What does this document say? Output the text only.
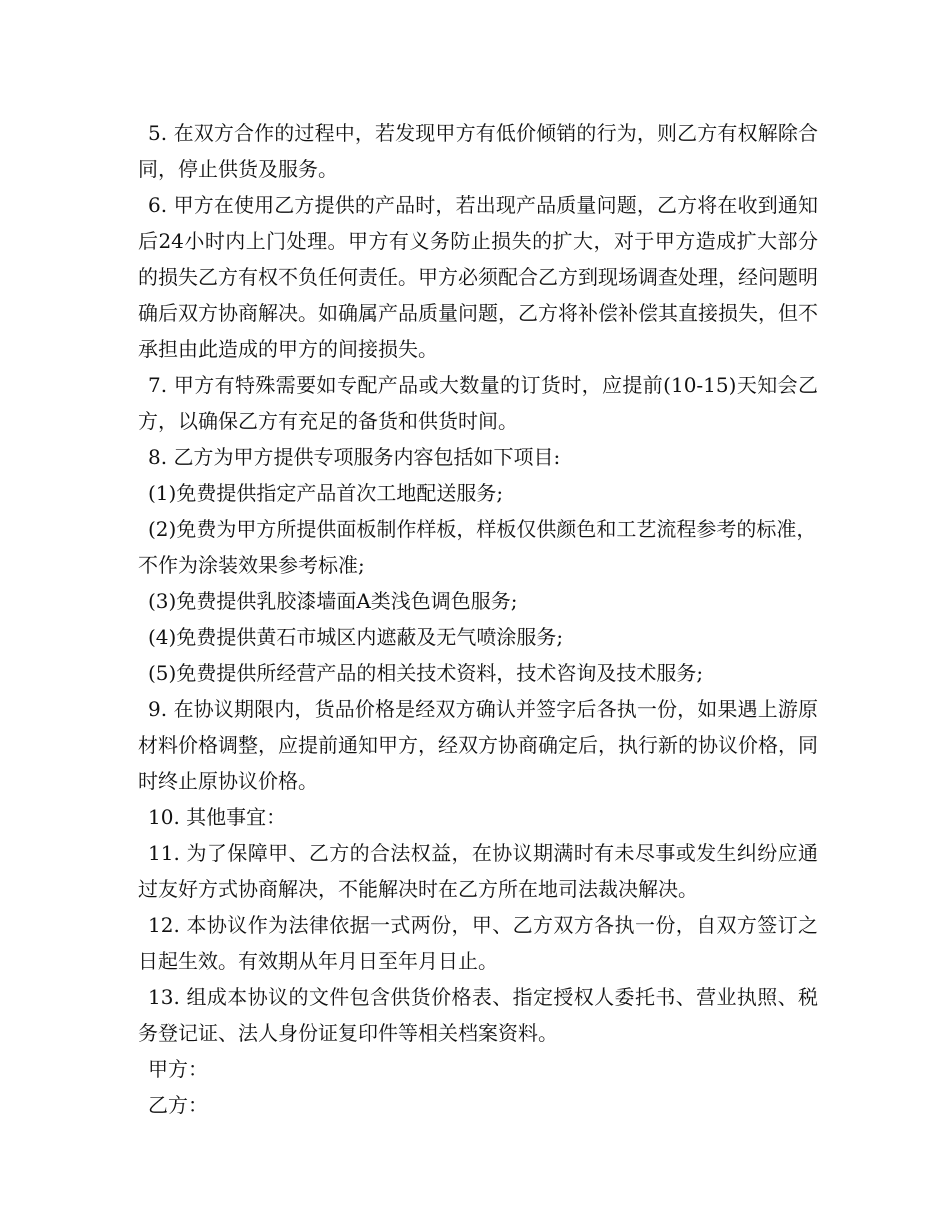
5. 在双方合作的过程中，若发现甲方有低价倾销的行为，则乙方有权解除合同，停止供货及服务。

6. 甲方在使用乙方提供的产品时，若出现产品质量问题，乙方将在收到通知后24小时内上门处理。甲方有义务防止损失的扩大，对于甲方造成扩大部分的损失乙方有权不负任何责任。甲方必须配合乙方到现场调查处理，经问题明确后双方协商解决。如确属产品质量问题，乙方将补偿补偿其直接损失，但不承担由此造成的甲方的间接损失。

7. 甲方有特殊需要如专配产品或大数量的订货时，应提前(10-15)天知会乙方，以确保乙方有充足的备货和供货时间。

8. 乙方为甲方提供专项服务内容包括如下项目:

(1)免费提供指定产品首次工地配送服务;

(2)免费为甲方所提供面板制作样板，样板仅供颜色和工艺流程参考的标准，不作为涂装效果参考标准;

(3)免费提供乳胶漆墙面A类浅色调色服务;

(4)免费提供黄石市城区内遮蔽及无气喷涂服务;

(5)免费提供所经营产品的相关技术资料，技术咨询及技术服务;

9. 在协议期限内，货品价格是经双方确认并签字后各执一份，如果遇上游原材料价格调整，应提前通知甲方，经双方协商确定后，执行新的协议价格，同时终止原协议价格。

10. 其他事宜：

11. 为了保障甲、乙方的合法权益，在协议期满时有未尽事或发生纠纷应通过友好方式协商解决，不能解决时在乙方所在地司法裁决解决。

12. 本协议作为法律依据一式两份，甲、乙方双方各执一份，自双方签订之日起生效。有效期从年月日至年月日止。

13. 组成本协议的文件包含供货价格表、指定授权人委托书、营业执照、税务登记证、法人身份证复印件等相关档案资料。

甲方：

乙方：
